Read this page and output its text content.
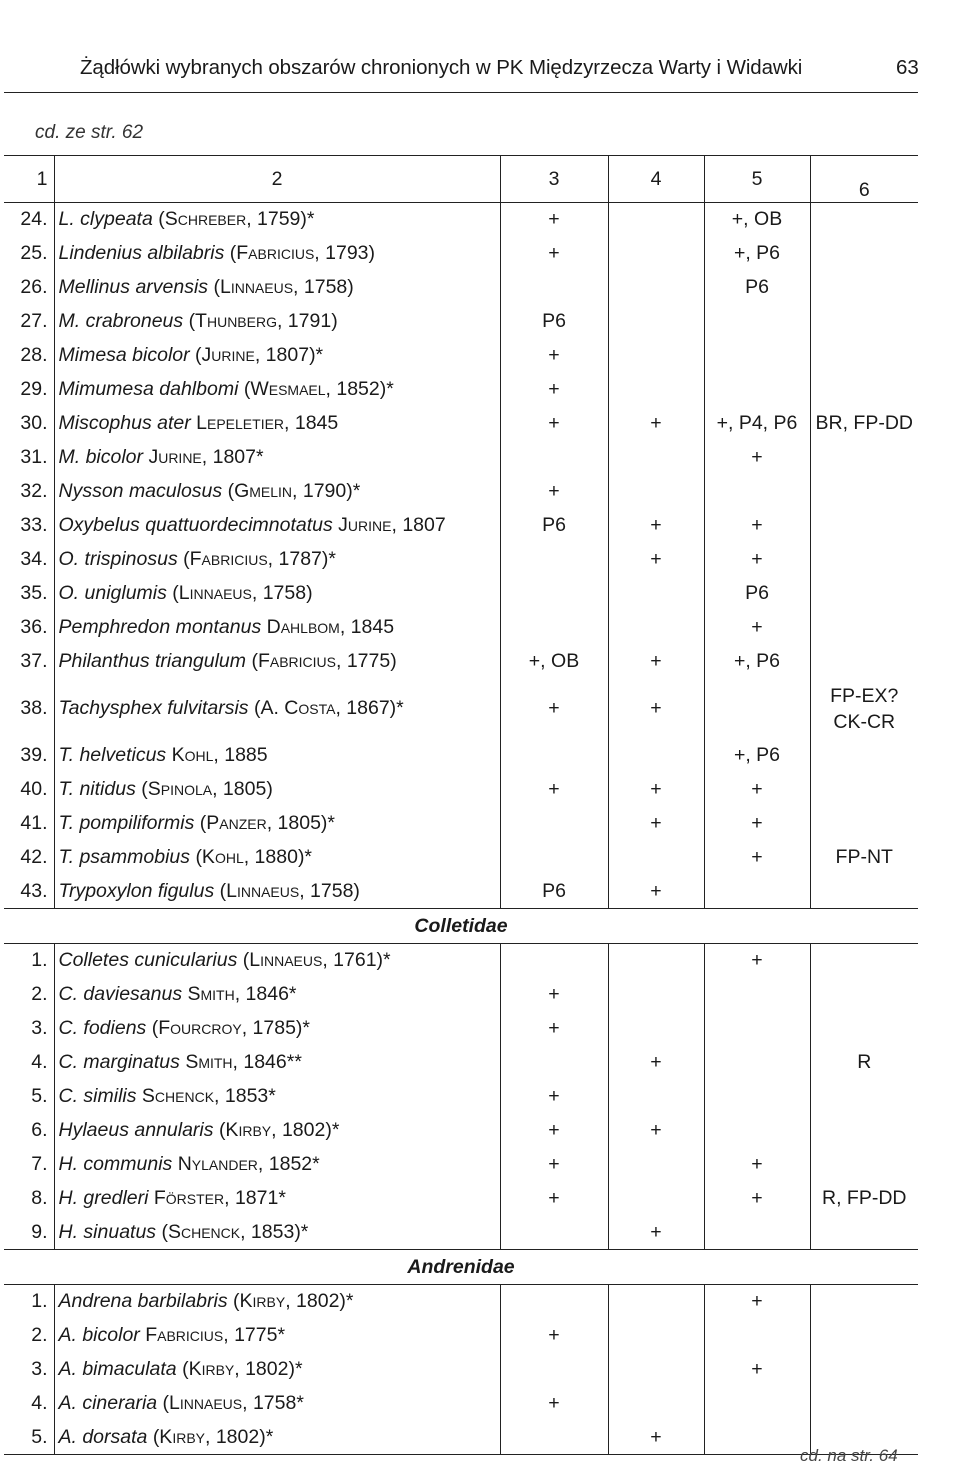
Żądłówki wybranych obszarów chronionych w PK Międzyrzecza Warty i Widawki	63
cd. ze str. 62
1	2	3	4	5	6
24.	L. clypeata (Schreber, 1759)*	+		+, OB	
25.	Lindenius albilabris (Fabricius, 1793)	+		+, P6	
26.	Mellinus arvensis (Linnaeus, 1758)			P6	
27.	M. crabroneus (Thunberg, 1791)	P6			
28.	Mimesa bicolor (Jurine, 1807)*	+			
29.	Mimumesa dahlbomi (Wesmael, 1852)*	+			
30.	Miscophus ater Lepeletier, 1845	+	+	+, P4, P6	BR, FP-DD
31.	M. bicolor Jurine, 1807*			+	
32.	Nysson maculosus (Gmelin, 1790)*	+			
33.	Oxybelus quattuordecimnotatus Jurine, 1807	P6	+	+	
34.	O. trispinosus (Fabricius, 1787)*		+	+	
35.	O. uniglumis (Linnaeus, 1758)			P6	
36.	Pemphredon montanus Dahlbom, 1845			+	
37.	Philanthus triangulum (Fabricius, 1775)	+, OB	+	+, P6	
38.	Tachysphex fulvitarsis (A. Costa, 1867)*	+	+		FP-EX?
CK-CR
39.	T. helveticus Kohl, 1885			+, P6	
40.	T. nitidus (Spinola, 1805)	+	+	+	
41.	T. pompiliformis (Panzer, 1805)*		+	+	
42.	T. psammobius (Kohl, 1880)*			+	FP-NT
43.	Trypoxylon figulus (Linnaeus, 1758)	P6	+		
Colletidae					
1.	Colletes cunicularius (Linnaeus, 1761)*			+	
2.	C. daviesanus Smith, 1846*	+			
3.	C. fodiens (Fourcroy, 1785)*	+			
4.	C. marginatus Smith, 1846**		+		R
5.	C. similis Schenck, 1853*	+			
6.	Hylaeus annularis (Kirby, 1802)*	+	+		
7.	H. communis Nylander, 1852*	+		+	
8.	H. gredleri Förster, 1871*	+		+	R, FP-DD
9.	H. sinuatus (Schenck, 1853)*		+		
Andrenidae					
1.	Andrena barbilabris (Kirby, 1802)*			+	
2.	A. bicolor Fabricius, 1775*	+			
3.	A. bimaculata (Kirby, 1802)*			+	
4.	A. cineraria (Linnaeus, 1758*	+			
5.	A. dorsata (Kirby, 1802)*		+		
cd. na str. 64
